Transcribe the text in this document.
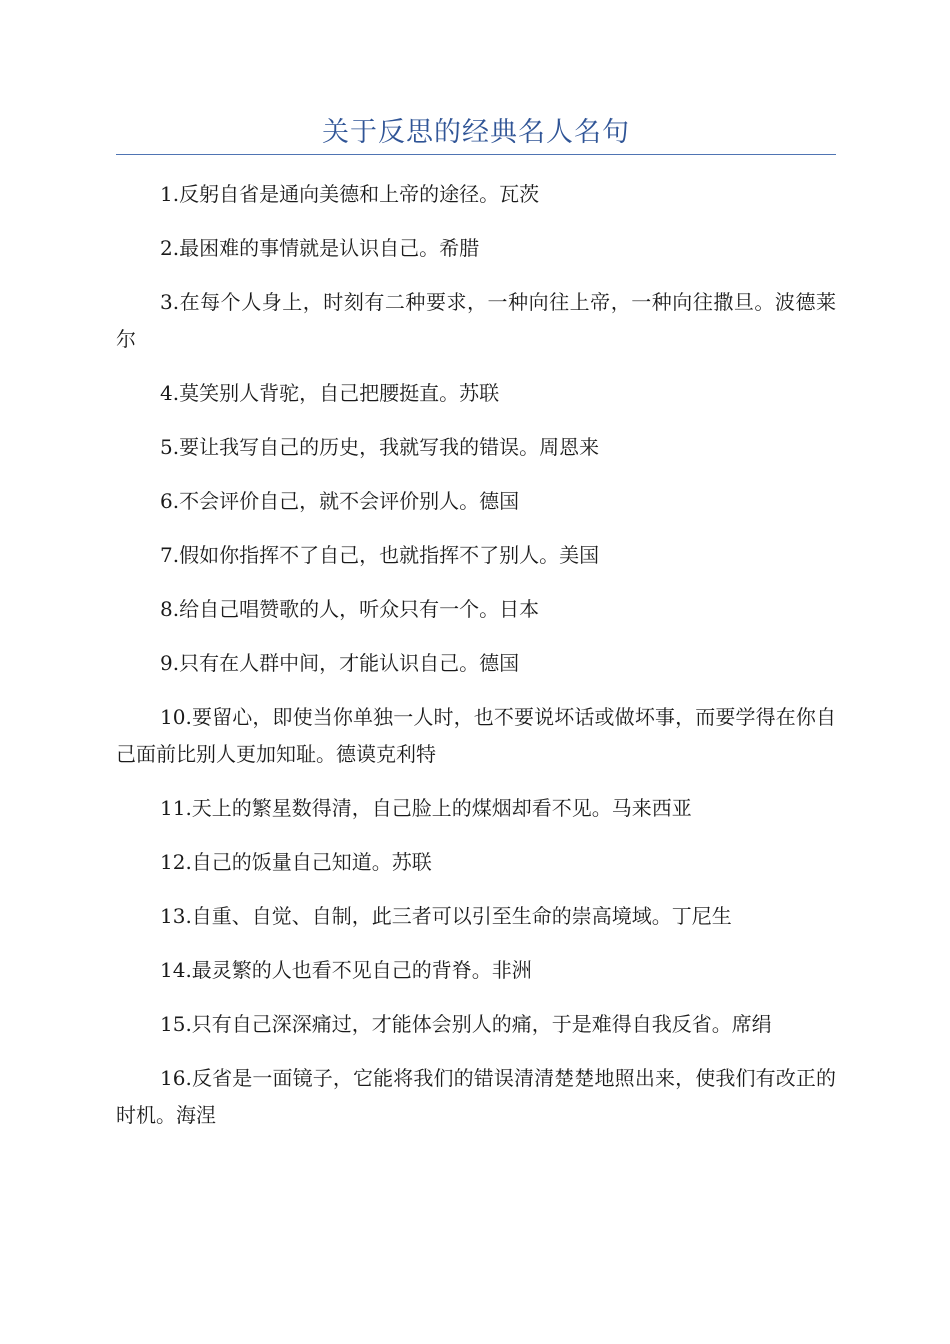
关于反思的经典名人名句

1.反躬自省是通向美德和上帝的途径。瓦茨

2.最困难的事情就是认识自己。希腊

3.在每个人身上，时刻有二种要求，一种向往上帝，一种向往撒旦。波德莱尔

4.莫笑别人背驼，自己把腰挺直。苏联

5.要让我写自己的历史，我就写我的错误。周恩来

6.不会评价自己，就不会评价别人。德国

7.假如你指挥不了自己，也就指挥不了别人。美国

8.给自己唱赞歌的人，听众只有一个。日本

9.只有在人群中间，才能认识自己。德国

10.要留心，即使当你单独一人时，也不要说坏话或做坏事，而要学得在你自己面前比别人更加知耻。德谟克利特

11.天上的繁星数得清，自己脸上的煤烟却看不见。马来西亚

12.自己的饭量自己知道。苏联

13.自重、自觉、自制，此三者可以引至生命的崇高境域。丁尼生

14.最灵繁的人也看不见自己的背脊。非洲

15.只有自己深深痛过，才能体会别人的痛，于是难得自我反省。席绢

16.反省是一面镜子，它能将我们的错误清清楚楚地照出来，使我们有改正的时机。海涅
